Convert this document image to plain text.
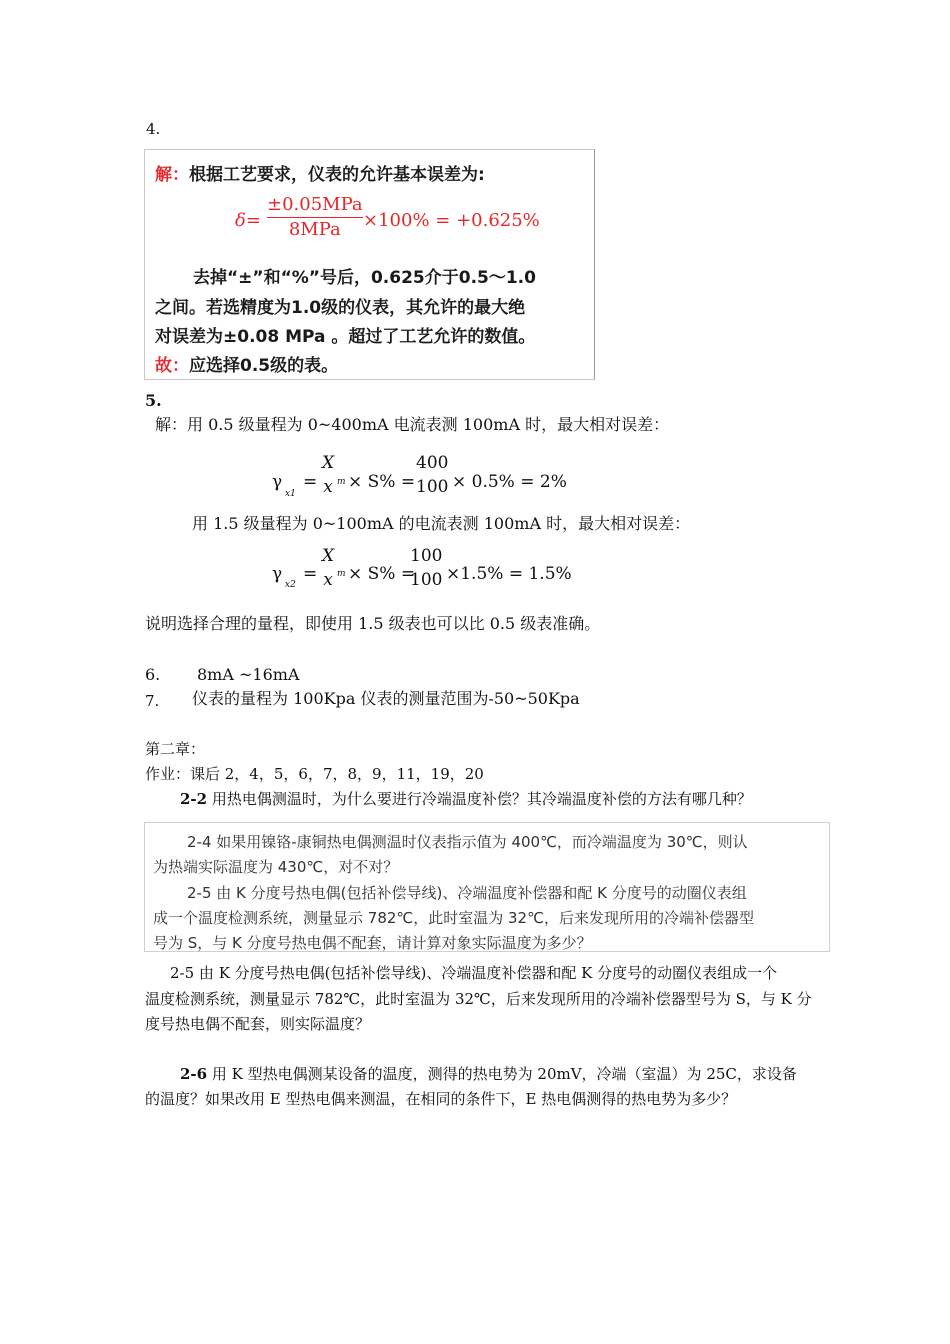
4.
解：根据工艺要求，仪表的允许基本误差为:
δ=
±0.05MPa
8MPa ×100% = +0.625%
去掉“±”和“%”号后，0.625介于0.5～1.0
之间。若选精度为1.0级的仪表，其允许的最大绝
对误差为±0.08 MPa 。超过了工艺允许的数值。
故：应选择0.5级的表。
5.
解：用 0.5 级量程为 0~400mA 电流表测 100mA 时，最大相对误差：
γ
x1
=
X
x m × S% =
400
100 × 0.5% = 2%
用 1.5 级量程为 0~100mA 的电流表测 100mA 时，最大相对误差：
γ
x2
=
X
x m × S% =
100
100 ×1.5% = 1.5%
说明选择合理的量程，即使用 1.5 级表也可以比 0.5 级表准确。
6. 8mA ~16mA
7. 仪表的量程为 100Kpa 仪表的测量范围为-50~50Kpa
第二章：
作业：课后 2，4，5，6，7，8，9，11，19，20
2-2 用热电偶测温时，为什么要进行冷端温度补偿？其冷端温度补偿的方法有哪几种？
2-4 如果用镍铬-康铜热电偶测温时仪表指示值为 400℃，而冷端温度为 30℃，则认
为热端实际温度为 430℃，对不对？
2-5 由 K 分度号热电偶(包括补偿导线)、冷端温度补偿器和配 K 分度号的动圈仪表组
成一个温度检测系统，测量显示 782℃，此时室温为 32℃，后来发现所用的冷端补偿器型
号为 S，与 K 分度号热电偶不配套，请计算对象实际温度为多少？
2-5 由 K 分度号热电偶(包括补偿导线)、冷端温度补偿器和配 K 分度号的动圈仪表组成一个
温度检测系统，测量显示 782℃，此时室温为 32℃，后来发现所用的冷端补偿器型号为 S，与 K 分
度号热电偶不配套，则实际温度？
2-6 用 K 型热电偶测某设备的温度，测得的热电势为 20mV，冷端（室温）为 25C，求设备
的温度？如果改用 E 型热电偶来测温，在相同的条件下，E 热电偶测得的热电势为多少？
